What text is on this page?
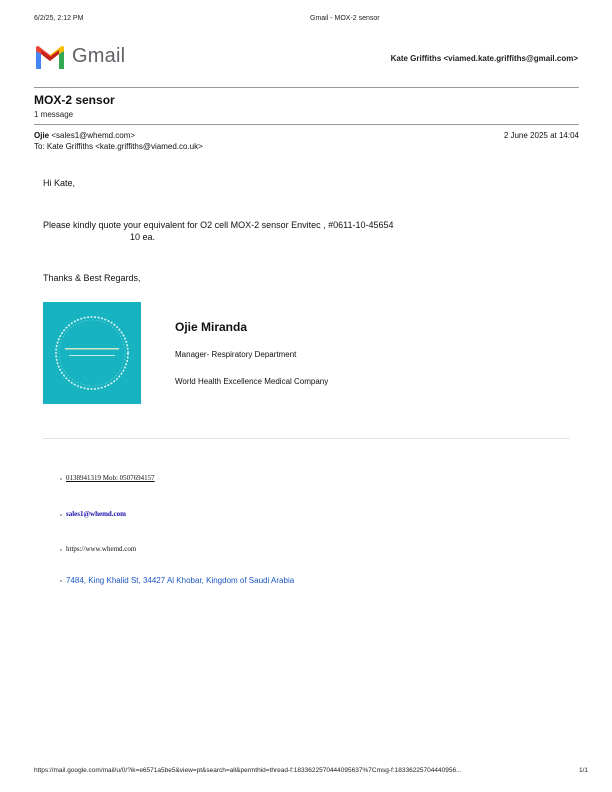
6/2/25, 2:12 PM	Gmail - MOX-2 sensor
Gmail	Kate Griffiths <viamed.kate.griffiths@gmail.com>
MOX-2 sensor
1 message
Ojie <sales1@whemd.com>	2 June 2025 at 14:04
To: Kate Griffiths <kate.griffiths@viamed.co.uk>
Hi Kate,
Please kindly quote your equivalent for O2 cell MOX-2 sensor Envitec , #0611-10-45654
10 ea.
Thanks & Best Regards,
Ojie Miranda
Manager- Respiratory Department
World Health Excellence Medical Company
0138941319 Mob: 0507694157
sales1@whemd.com
https://www.whemd.com
7484, King Khalid St, 34427 Al Khobar, Kingdom of Saudi Arabia
https://mail.google.com/mail/u/0/?ik=e6571a5be5&view=pt&search=all&permthid=thread-f:1833622570444095637%7Cmsg-f:18336225704440956...	1/1
